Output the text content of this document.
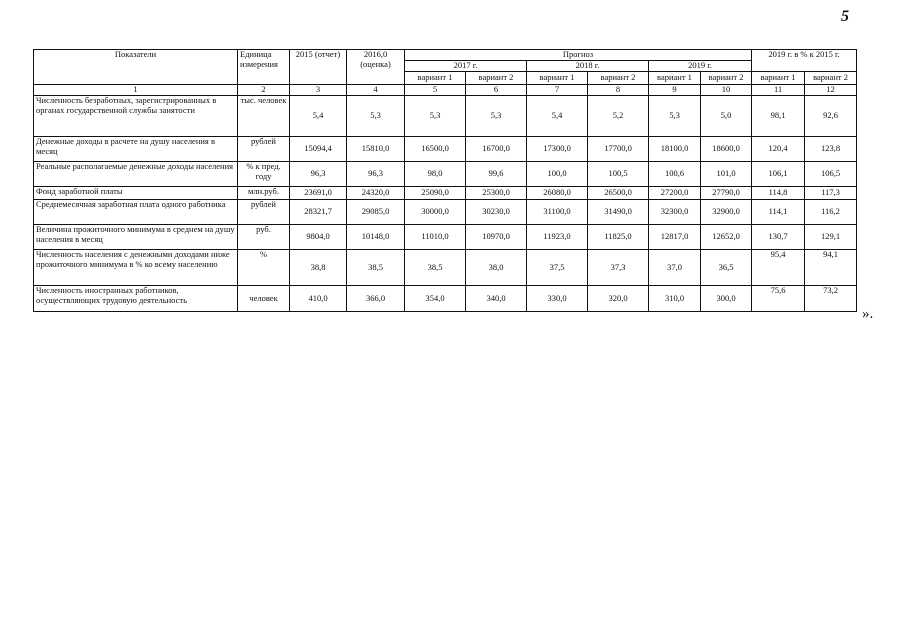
5
Показатели	Единица измерения	2015 (отчет)	2016,0 (оценка)	Прогноз						2019 г. в % к 2015 г.	
				2017 г.		2018 г.		2019 г.			
				вариант 1	вариант 2	вариант 1	вариант 2	вариант 1	вариант 2	вариант 1	вариант 2
1	2	3	4	5	6	7	8	9	10	11	12
Численность безработных, зарегистрированных в органах государственной службы занятости	тыс. человек	5,4	5,3	5,3	5,3	5,4	5,2	5,3	5,0	98,1	92,6
Денежные доходы в расчете на душу населения в месяц	рублей	15094,4	15810,0	16500,0	16700,0	17300,0	17700,0	18100,0	18600,0	120,4	123,8
Реальные располагаемые денежные доходы населения	% к пред. году	96,3	96,3	98,0	99,6	100,0	100,5	100,6	101,0	106,1	106,5
Фонд заработной платы	млн.руб.	23691,0	24320,0	25090,0	25300,0	26080,0	26500,0	27200,0	27790,0	114,8	117,3
Среднемесячная заработная плата одного работника	рублей	28321,7	29085,0	30000,0	30230,0	31100,0	31490,0	32300,0	32900,0	114,1	116,2
Величина прожиточного минимума в среднем на душу населения в месяц	руб.	9804,0	10148,0	11010,0	10970,0	11923,0	11825,0	12817,0	12652,0	130,7	129,1
Численность населения с денежными доходами ниже прожиточного минимума в % ко всему населению	%	38,8	38,5	38,5	38,0	37,5	37,3	37,0	36,5	95,4	94,1
Численность иностранных работников, осуществляющих трудовую деятельность	человек	410,0	366,0	354,0	340,0	330,0	320,0	310,0	300,0	75,6	73,2
».
